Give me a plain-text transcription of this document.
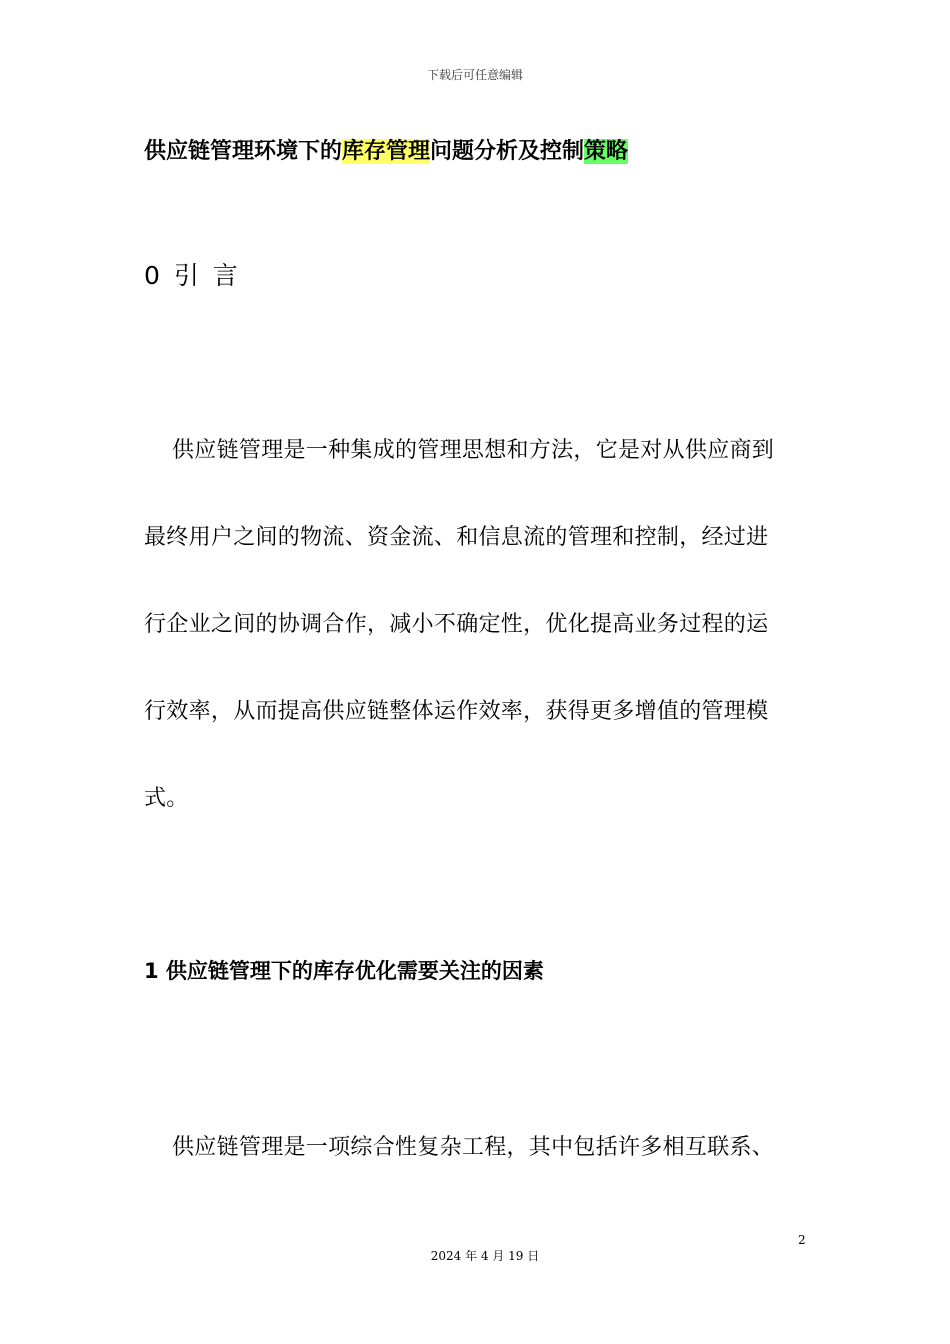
下载后可任意编辑
供应链管理环境下的库存管理问题分析及控制策略
0 引 言

供应链管理是一种集成的管理思想和方法，它是对从供应商到

最终用户之间的物流、资金流、和信息流的管理和控制，经过进

行企业之间的协调合作，减小不确定性，优化提高业务过程的运

行效率，从而提高供应链整体运作效率，获得更多增值的管理模

式。

1 供应链管理下的库存优化需要关注的因素

供应链管理是一项综合性复杂工程，其中包括许多相互联系、

2
2024 年 4 月 19 日
